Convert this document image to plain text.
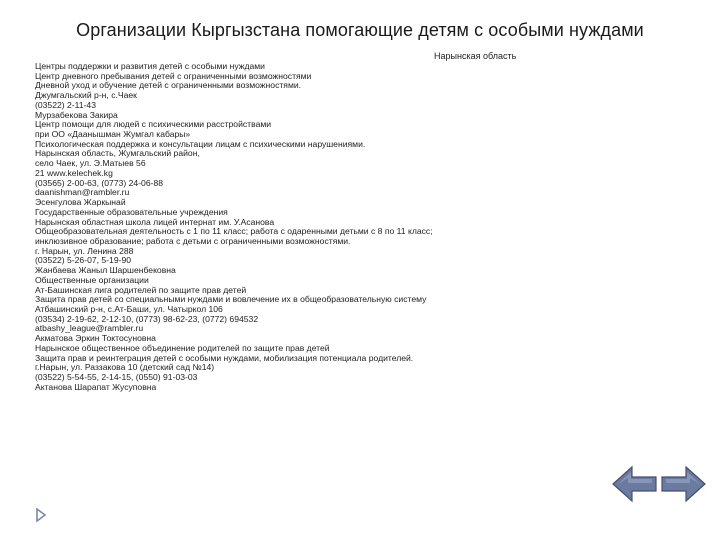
Организации Кыргызстана помогающие детям с особыми нуждами
Нарынская область
Центры поддержки и развития детей с особыми нуждами
Центр дневного пребывания детей с ограниченными возможностями
Дневной уход и обучение детей с ограниченными возможностями.
Джумгальский р-н, с.Чаек
(03522) 2-11-43
Мурзабекова Закира
Центр помощи для людей с психическими расстройствами
при ОО «Даанышман Жумгал кабары»
Психологическая поддержка и консультации лицам с психическими нарушениями.
Нарынская область, Жумгальский район,
село Чаек, ул. Э.Матыев 56
21 www.kelechek.kg
(03565) 2-00-63, (0773) 24-06-88
daanishman@rambler.ru
Эсенгулова Жаркынай
Государственные образовательные учреждения
Нарынская областная школа лицей интернат им. У.Асанова
Общеобразовательная деятельность с 1 по 11 класс; работа с одаренными детьми с 8 по 11 класс;
инклюзивное образование; работа с детьми с ограниченными возможностями.
г. Нарын, ул. Ленина 288
(03522) 5-26-07, 5-19-90
Жанбаева Жаныл Шаршенбековна
Общественные организации
Ат-Башинская лига родителей по защите прав детей
Защита прав детей со специальными нуждами и вовлечение их в общеобразовательную систему
Атбашинский р-н, с.Ат-Баши, ул. Чатыркол 106
(03534) 2-19-62, 2-12-10, (0773) 98-62-23, (0772) 694532
atbashy_league@rambler.ru
Акматова Эркин Токтосуновна
Нарынское общественное объединение родителей по защите прав детей
Защита прав и реинтеграция детей с особыми нуждами, мобилизация потенциала родителей.
г.Нарын, ул. Раззакова 10 (детский сад №14)
(03522) 5-54-55, 2-14-15, (0550) 91-03-03
Актанова Шарапат Жусуповна
